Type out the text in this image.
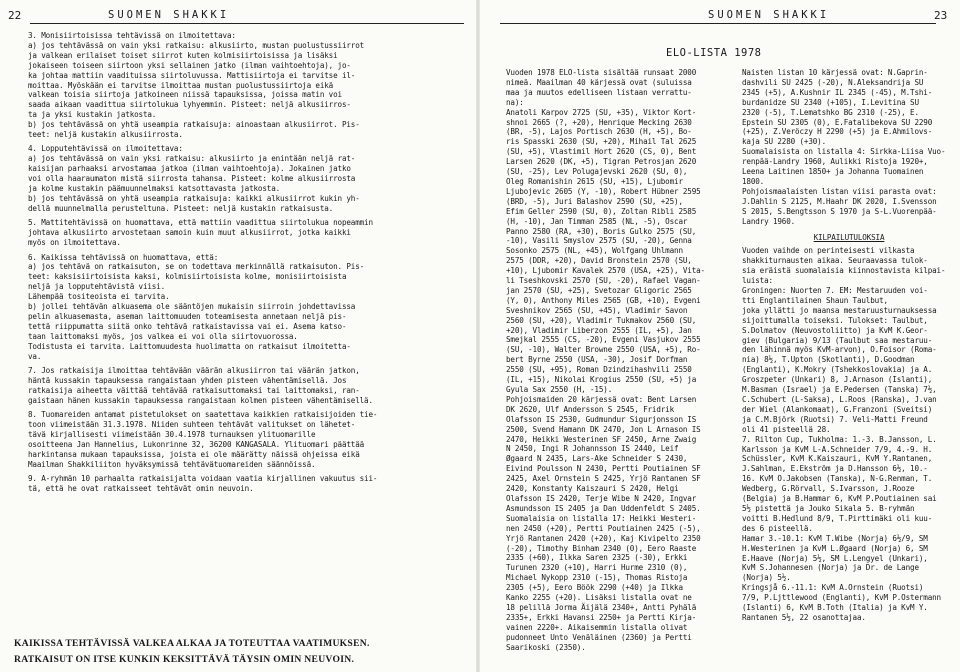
22	SUOMEN SHAKKI

3. Monisiirtoisissa tehtävissä on ilmoitettava:

a) jos tehtävässä on vain yksi ratkaisu: alkusiirto, mustan puolustussiirrot

ja valkean erilaiset toiset siirrot kuten kolmisiirtoisissa ja lisäksi

jokaiseen toiseen siirtoon yksi sellainen jatko (ilman vaihtoehtoja), jo-

ka johtaa mattiin vaadituissa siirtoluvussa. Mattisiirtoja ei tarvitse il-

moittaa. Myöskään ei tarvitse ilmoittaa mustan puolustussiirtoja eikä

valkean toisia siirtoja jatkoineen niissä tapauksissa, joissa matin voi

saada aikaan vaadittua siirtolukua lyhyemmin. Pisteet: neljä alkusiirros-

ta ja yksi kustakin jatkosta.

b) jos tehtävässä on yhtä useampia ratkaisuja: ainoastaan alkusiirrot. Pis-

teet: neljä kustakin alkusiirrosta.

4. Lopputehtävissä on ilmoitettava:

a) jos tehtävässä on vain yksi ratkaisu: alkusiirto ja enintään neljä rat-

kaisijan parhaaksi arvostamaa jatkoa (ilman vaihtoehtoja). Jokainen jatko

voi olla haaraumaton mistä siirrosta tahansa. Pisteet: kolme alkusiirrosta

ja kolme kustakin päämuunnelmaksi katsottavasta jatkosta.

b) jos tehtävässä on yhtä useampia ratkaisuja: kaikki alkusiirrot kukin yh-

dellä muunnelmalla perusteltuna. Pisteet: neljä kustakin ratkaisusta.

5. Mattitehtävissä on huomattava, että mattiin vaadittua siirtolukua nopeammin

johtava alkusiirto arvostetaan samoin kuin muut alkusiirrot, jotka kaikki

myös on ilmoitettava.

6. Kaikissa tehtävissä on huomattava, että:

a) jos tehtävä on ratkaisuton, se on todettava merkinnällä ratkaisuton. Pis-

teet: kaksisiirtoisista kaksi, kolmisiirtoisista kolme, monisiirtoisista

neljä ja lopputehtävistä viisi.

Lähempää tositeoista ei tarvita.

b) jollei tehtävän alkuasema ole sääntöjen mukaisin siirroin johdettavissa

pelin alkuasemasta, aseman laittomuuden toteamisesta annetaan neljä pis-

tettä riippumatta siitä onko tehtävä ratkaistavissa vai ei. Asema katso-

taan laittomaksi myös, jos valkea ei voi olla siirtovuorossa.

Todistusta ei tarvita. Laittomuudesta huolimatta on ratkaisut ilmoitetta-

va.

7. Jos ratkaisija ilmoittaa tehtävään väärän alkusiirron tai väärän jatkon,

häntä kussakin tapauksessa rangaistaan yhden pisteen vähentämisellä. Jos

ratkaisija aiheetta väittää tehtävää ratkaisuttomaksi tai laittomaksi, ran-

gaistaan hänen kussakin tapauksessa rangaistaan kolmen pisteen vähentämisellä.

8. Tuomareiden antamat pistetulokset on saatettava kaikkien ratkaisijoiden tie-

toon viimeistään 31.3.1978. Niiden suhteen tehtävät valitukset on lähetet-

tävä kirjallisesti viimeistään 30.4.1978 turnauksen ylituomarille

osoitteena Jan Hannelius, Lukonrinne 32, 36200 KANGASALA. Ylituomari päättää

harkintansa mukaan tapauksissa, joista ei ole määrätty näissä ohjeissa eikä

Maailman Shakkiliiton hyväksymissä tehtävätuomareiden säännöissä.

9. A-ryhmän 10 parhaalta ratkaisijalta voidaan vaatia kirjallinen vakuutus sii-

tä, että he ovat ratkaisseet tehtävät omin neuvoin.

KAIKISSA TEHTÄVISSÄ VALKEA ALKAA JA TOTEUTTAA VAATIMUKSEN.
RATKAISUT ON ITSE KUNKIN KEKSITTÄVÄ TÄYSIN OMIN NEUVOIN.
SUOMEN SHAKKI	23
ELO-LISTA 1978

Vuoden 1978 ELO-lista sisältää runsaat 2000

nimeä. Maailman 40 kärjessä ovat (suluissa

maa ja muutos edelliseen listaan verrattu-

na):

Anatoli Karpov 2725 (SU, +35), Viktor Kort-

shnoi 2665 (?, +20), Henrique Mecking 2630

(BR, -5), Lajos Portisch 2630 (H, +5), Bo-

ris Spasski 2630 (SU, +20), Mihail Tal 2625

(SU, +5), Vlastimil Hort 2620 (CS, 0), Bent

Larsen 2620 (DK, +5), Tigran Petrosjan 2620

(SU, -25), Lev Polugajevski 2620 (SU, 0),

Oleg Romanishin 2615 (SU, +15), Ljubomir

Ljubojevic 2605 (Y, -10), Robert Hübner 2595

(BRD, -5), Juri Balashov 2590 (SU, +25),

Efim Geller 2590 (SU, 0), Zoltan Ribli 2585

(H, -10), Jan Timman 2585 (NL, -5), Oscar

Panno 2580 (RA, +30), Boris Gulko 2575 (SU,

-10), Vasili Smyslov 2575 (SU, -20), Genna

Sosonko 2575 (NL, +45), Wolfgang Uhlmann

2575 (DDR, +20), David Bronstein 2570 (SU,

+10), Ljubomir Kavalek 2570 (USA, +25), Vita-

li Tseshkovski 2570 (SU, -20), Rafael Vagan-

jan 2570 (SU, +25), Svetozar Gligoric 2565

(Y, 0), Anthony Miles 2565 (GB, +10), Evgeni

Sveshnikov 2565 (SU, +45), Vladimir Savon

2560 (SU, +20), Vladimir Tukmakov 2560 (SU,

+20), Vladimir Liberzon 2555 (IL, +5), Jan

Smejkal 2555 (CS, -20), Evgeni Vasjukov 2555

(SU, -10), Walter Browne 2550 (USA, +5), Ro-

bert Byrne 2550 (USA, -30), Josif Dorfman

2550 (SU, +95), Roman Dzindzihashvili 2550

(IL, +15), Nikolai Krogius 2550 (SU, +5) ja

Gyula Sax 2550 (H, -15).

Pohjoismaiden 20 kärjessä ovat: Bent Larsen

DK 2620, Ulf Andersson S 2545, Fridrik

Olafsson IS 2530, Gudmundur Sigurjonsson IS

2500, Svend Hamann DK 2470, Jon L Arnason IS

2470, Heikki Westerinen SF 2450, Arne Zwaig

N 2450, Ingi R Johannsson IS 2440, Leif

Øgaard N 2435, Lars-Ake Schneider S 2430,

Eivind Poulsson N 2430, Pertti Poutiainen SF

2425, Axel Ornstein S 2425, Yrjö Rantanen SF

2420, Konstanty Kaiszauri S 2420, Helgi

Olafsson IS 2420, Terje Wibe N 2420, Ingvar

Asmundsson IS 2405 ja Dan Uddenfeldt S 2405.

Suomalaisia on listalla 17: Heikki Westeri-

nen 2450 (+20), Pertti Poutiainen 2425 (-5),

Yrjö Rantanen 2420 (+20), Kaj Kivipelto 2350

(-20), Timothy Binham 2340 (0), Eero Raaste

2335 (+60), Ilkka Saren 2325 (-30), Erkki

Turunen 2320 (+10), Harri Hurme 2310 (0),

Michael Nykopp 2310 (-15), Thomas Ristoja

2305 (+5), Eero Böök 2290 (+40) ja Ilkka

Kanko 2255 (+20). Lisäksi listalla ovat ne

18 pelillä Jorma Äijälä 2340+, Antti Pyhälä

2335+, Erkki Havansi 2250+ ja Pertti Kirja-

vainen 2220+. Aikaisemmin listalla olivat

pudonneet Unto Venäläinen (2360) ja Pertti

Saarikoski (2350).

Naisten listan 10 kärjessä ovat: N.Gaprin-

dashvili SU 2425 (-20), N.Aleksandrija SU

2345 (+5), A.Kushnir IL 2345 (-45), M.Tshi-

burdanidze SU 2340 (+105), I.Levitina SU

2320 (-5), T.Lematshko BG 2310 (-25), E.

Epstein SU 2305 (0), E.Fatalibekova SU 2290

(+25), Z.Veröczy H 2290 (+5) ja E.Ahmilovs-

kaja SU 2280 (+30).

Suomalaisista on listalla 4: Sirkka-Liisa Vuo-

renpää-Landry 1960, Aulikki Ristoja 1920+,

Leena Laitinen 1850+ ja Johanna Tuomainen

1800.

Pohjoismaalaisten listan viisi parasta ovat:

J.Dahlin S 2125, M.Haahr DK 2020, I.Svensson

S 2015, S.Bengtsson S 1970 ja S-L.Vuorenpää-

Landry 1960.

KILPAILUTULOKSIA

Vuoden vaihde on perinteisesti vilkasta

shakkiturnausten aikaa. Seuraavassa tulok-

sia eräistä suomalaisia kiinnostavista kilpai-

luista:

Groningen: Nuorten 7. EM: Mestaruuden voi-

tti Englantilainen Shaun Taulbut,

joka yllätti jo maansa mestaruusturnauksessa

sijoittumalla toiseksi. Tulokset: Taulbut,

S.Dolmatov (Neuvostoliitto) ja KvM K.Geor-

giev (Bulgaria) 9/13 (Taulbut saa mestaruu-

den lähinnä myös KvM-arvon), O.Foisor (Roma-

nia) 8½, T.Upton (Skotlanti), D.Goodman

(Englanti), K.Mokry (Tshekkoslovakia) ja A.

Groszpeter (Unkari) 8, J.Arnason (Islanti),

M.Basman (Israel) ja E.Pedersen (Tanska) 7½,

C.Schubert (L-Saksa), L.Roos (Ranska), J.van

der Wiel (Alankomaat), G.Franzoni (Sveitsi)

ja C.M.Björk (Ruotsi) 7. Veli-Matti Freund

oli 41 pisteellä 28.

7. Rilton Cup, Tukholma: 1.-3. B.Jansson, L.

Karlsson ja KvM L-A.Schneider 7/9, 4.-9. H.

Schüssler, KvM K.Kaiszauri, KvM Y.Rantanen,

J.Sahlman, E.Ekström ja D.Hansson 6½, 10.-

16. KvM O.Jakobsen (Tanska), N-G.Renman, T.

Wedberg, G.Rörvall, S.Ivarsson, J.Rooze

(Belgia) ja B.Hammar 6, KvM P.Poutiainen sai

5½ pistettä ja Jouko Sikala 5. B-ryhmän

voitti B.Hedlund 8/9, T.Pirttimäki oli kuu-

des 6 pisteellä.

Hamar 3.-10.1: KvM T.Wibe (Norja) 6½/9, SM

H.Westerinen ja KvM L.Øgaard (Norja) 6, SM

E.Haave (Norja) 5½, SM L.Lengyel (Unkari),

KvM S.Johannesen (Norja) ja Dr. de Lange

(Norja) 5½.

Kringsjå 6.-11.1: KvM A.Ornstein (Ruotsi)

7/9, P.Ljttlewood (Englanti), KvM P.Ostermann

(Islanti) 6, KvM B.Toth (Italia) ja KvM Y.

Rantanen 5½, 22 osanottajaa.
